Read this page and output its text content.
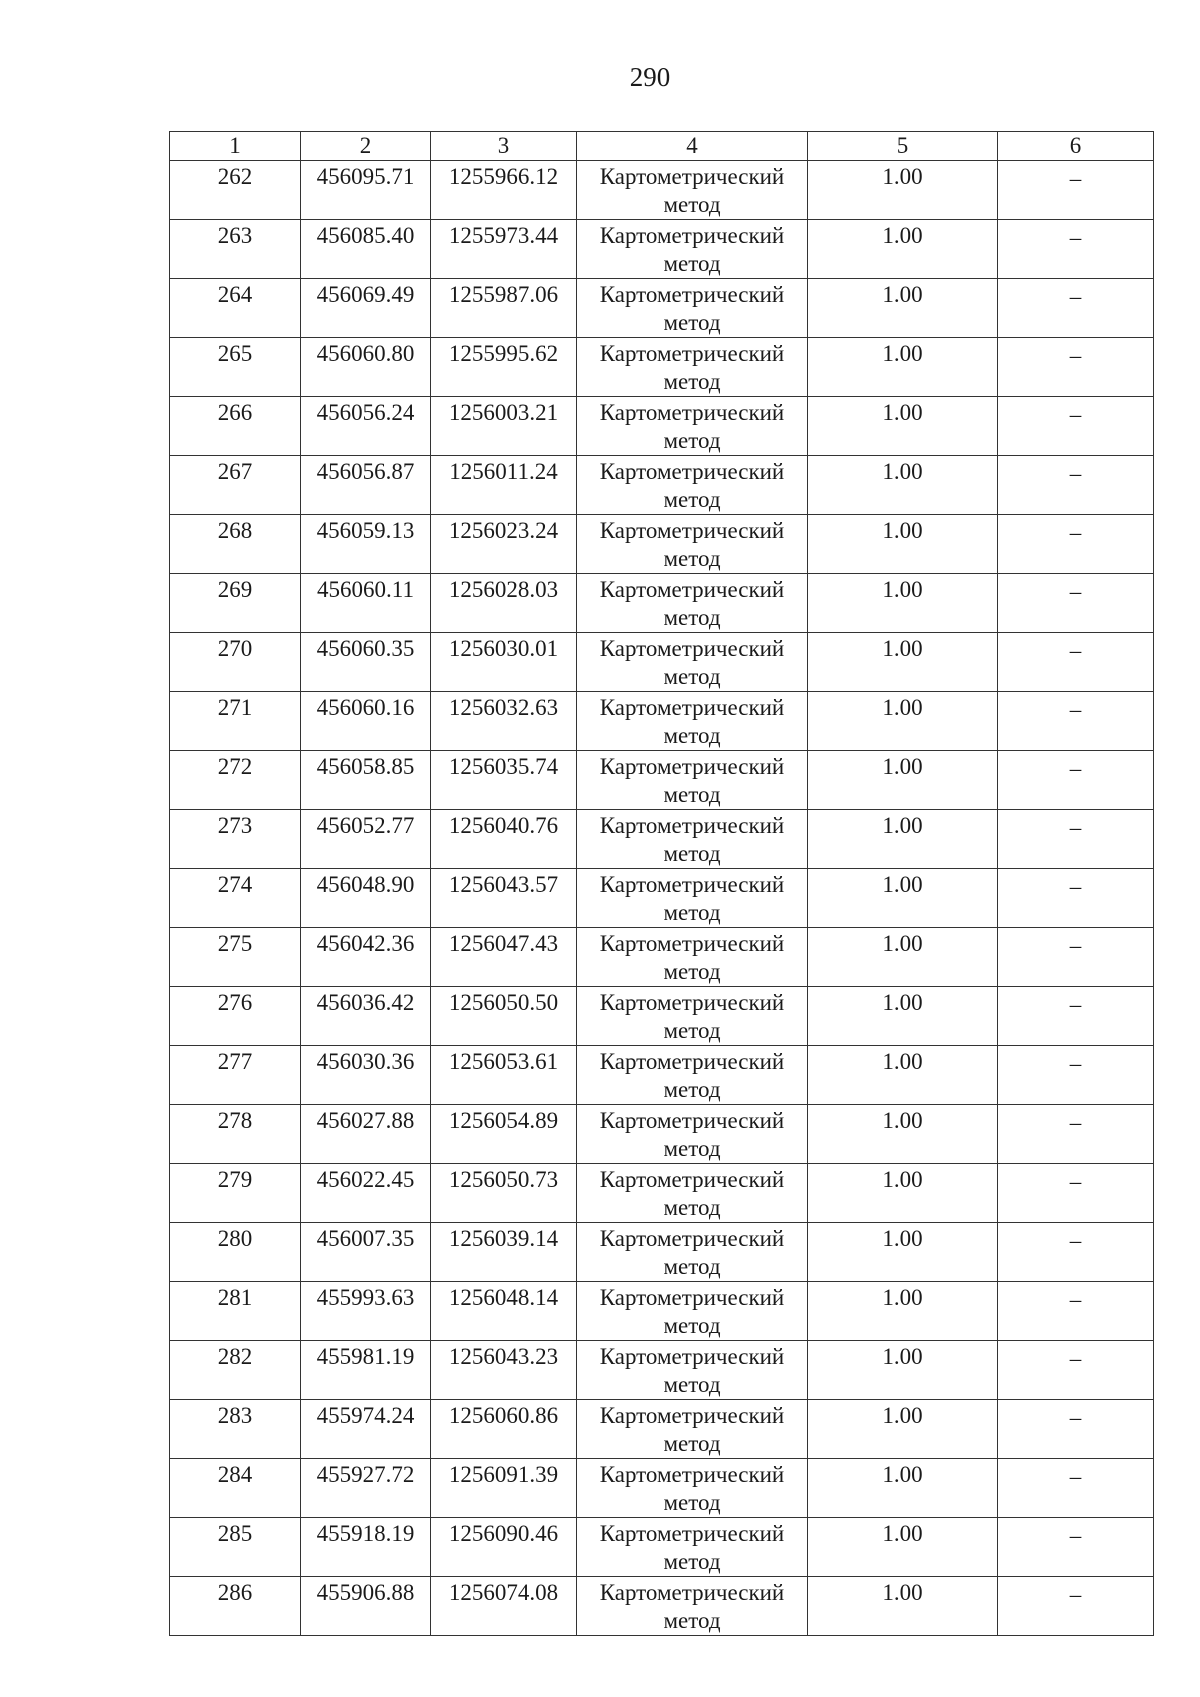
290
1	2	3	4	5	6
262	456095.71	1255966.12	Картометрический метод	1.00	–
263	456085.40	1255973.44	Картометрический метод	1.00	–
264	456069.49	1255987.06	Картометрический метод	1.00	–
265	456060.80	1255995.62	Картометрический метод	1.00	–
266	456056.24	1256003.21	Картометрический метод	1.00	–
267	456056.87	1256011.24	Картометрический метод	1.00	–
268	456059.13	1256023.24	Картометрический метод	1.00	–
269	456060.11	1256028.03	Картометрический метод	1.00	–
270	456060.35	1256030.01	Картометрический метод	1.00	–
271	456060.16	1256032.63	Картометрический метод	1.00	–
272	456058.85	1256035.74	Картометрический метод	1.00	–
273	456052.77	1256040.76	Картометрический метод	1.00	–
274	456048.90	1256043.57	Картометрический метод	1.00	–
275	456042.36	1256047.43	Картометрический метод	1.00	–
276	456036.42	1256050.50	Картометрический метод	1.00	–
277	456030.36	1256053.61	Картометрический метод	1.00	–
278	456027.88	1256054.89	Картометрический метод	1.00	–
279	456022.45	1256050.73	Картометрический метод	1.00	–
280	456007.35	1256039.14	Картометрический метод	1.00	–
281	455993.63	1256048.14	Картометрический метод	1.00	–
282	455981.19	1256043.23	Картометрический метод	1.00	–
283	455974.24	1256060.86	Картометрический метод	1.00	–
284	455927.72	1256091.39	Картометрический метод	1.00	–
285	455918.19	1256090.46	Картометрический метод	1.00	–
286	455906.88	1256074.08	Картометрический метод	1.00	–
